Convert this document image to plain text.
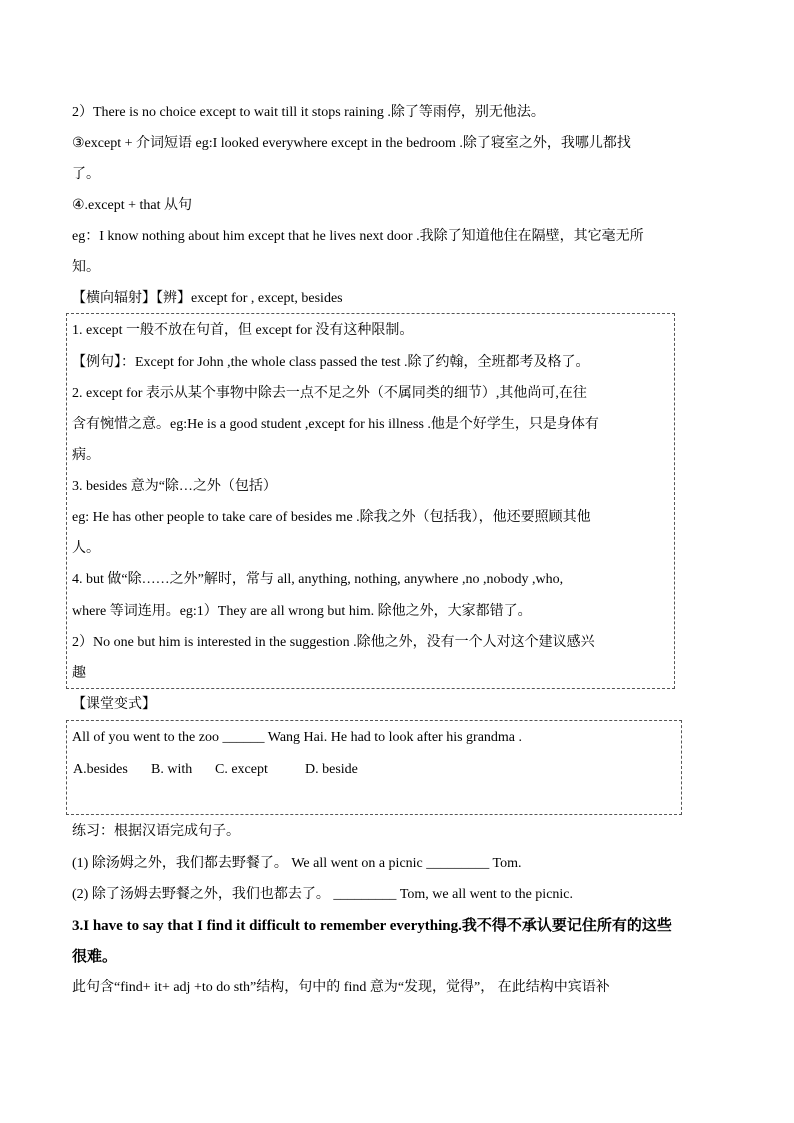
2）There is no choice except to wait till it stops raining .除了等雨停，别无他法。
③except + 介词短语 eg:I looked everywhere except in the bedroom .除了寝室之外，我哪儿都找
了。
④.except + that 从句
eg：I know nothing about him except that he lives next door .我除了知道他住在隔壁，其它毫无所
知。
【横向辐射】【辨】except for , except, besides
1. except 一般不放在句首，但 except for 没有这种限制。
【例句】：Except for John ,the whole class passed the test .除了约翰，全班都考及格了。
2. except for 表示从某个事物中除去一点不足之外（不属同类的细节）,其他尚可,在往
含有惋惜之意。eg:He is a good student ,except for his illness .他是个好学生，只是身体有
病。
3. besides 意为“除…之外（包括）
eg: He has other people to take care of besides me .除我之外（包括我），他还要照顾其他
人。
4. but 做“除……之外”解时，常与 all, anything, nothing, anywhere ,no ,nobody ,who,
where 等词连用。eg:1）They are all wrong but him. 除他之外，大家都错了。
2）No one but him is interested in the suggestion .除他之外，没有一个人对这个建议感兴
趣
【课堂变式】
All of you went to the zoo ______ Wang Hai. He had to look after his grandma .
A.besides B. with C. except	D. beside
练习：根据汉语完成句子。
(1) 除汤姆之外，我们都去野餐了。 We all went on a picnic _________ Tom.
(2) 除了汤姆去野餐之外，我们也都去了。 _________ Tom, we all went to the picnic.
3.I have to say that I find it difficult to remember everything.我不得不承认要记住所有的这些
很难。
此句含“find+ it+ adj +to do sth”结构，句中的 find 意为“发现，觉得”， 在此结构中宾语补
